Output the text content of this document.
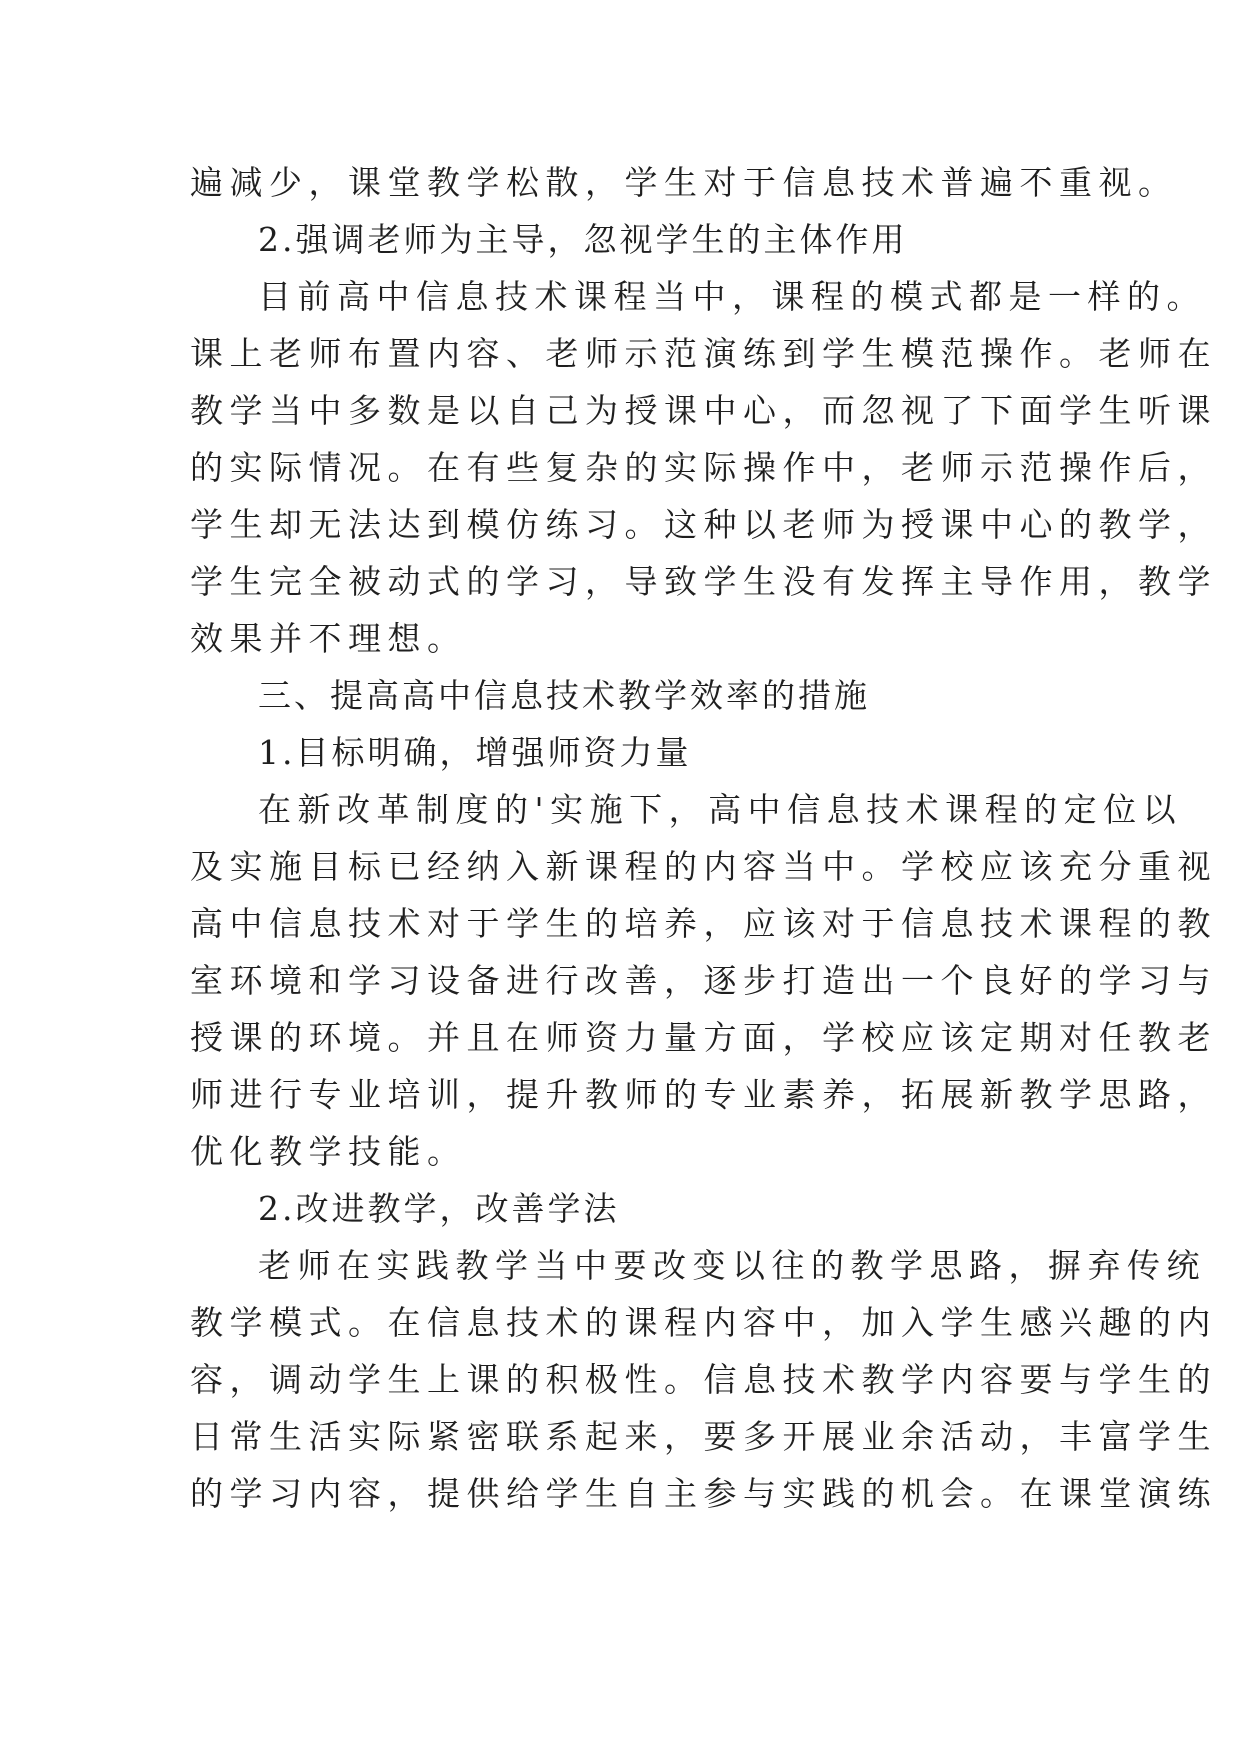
遍减少，课堂教学松散，学生对于信息技术普遍不重视。
2.强调老师为主导，忽视学生的主体作用
目前高中信息技术课程当中，课程的模式都是一样的。
课上老师布置内容、老师示范演练到学生模范操作。老师在
教学当中多数是以自己为授课中心，而忽视了下面学生听课
的实际情况。在有些复杂的实际操作中，老师示范操作后，
学生却无法达到模仿练习。这种以老师为授课中心的教学，
学生完全被动式的学习，导致学生没有发挥主导作用，教学
效果并不理想。
三、提高高中信息技术教学效率的措施
1.目标明确，增强师资力量
在新改革制度的'实施下，高中信息技术课程的定位以
及实施目标已经纳入新课程的内容当中。学校应该充分重视
高中信息技术对于学生的培养，应该对于信息技术课程的教
室环境和学习设备进行改善，逐步打造出一个良好的学习与
授课的环境。并且在师资力量方面，学校应该定期对任教老
师进行专业培训，提升教师的专业素养，拓展新教学思路，
优化教学技能。
2.改进教学，改善学法
老师在实践教学当中要改变以往的教学思路，摒弃传统
教学模式。在信息技术的课程内容中，加入学生感兴趣的内
容，调动学生上课的积极性。信息技术教学内容要与学生的
日常生活实际紧密联系起来，要多开展业余活动，丰富学生
的学习内容，提供给学生自主参与实践的机会。在课堂演练
